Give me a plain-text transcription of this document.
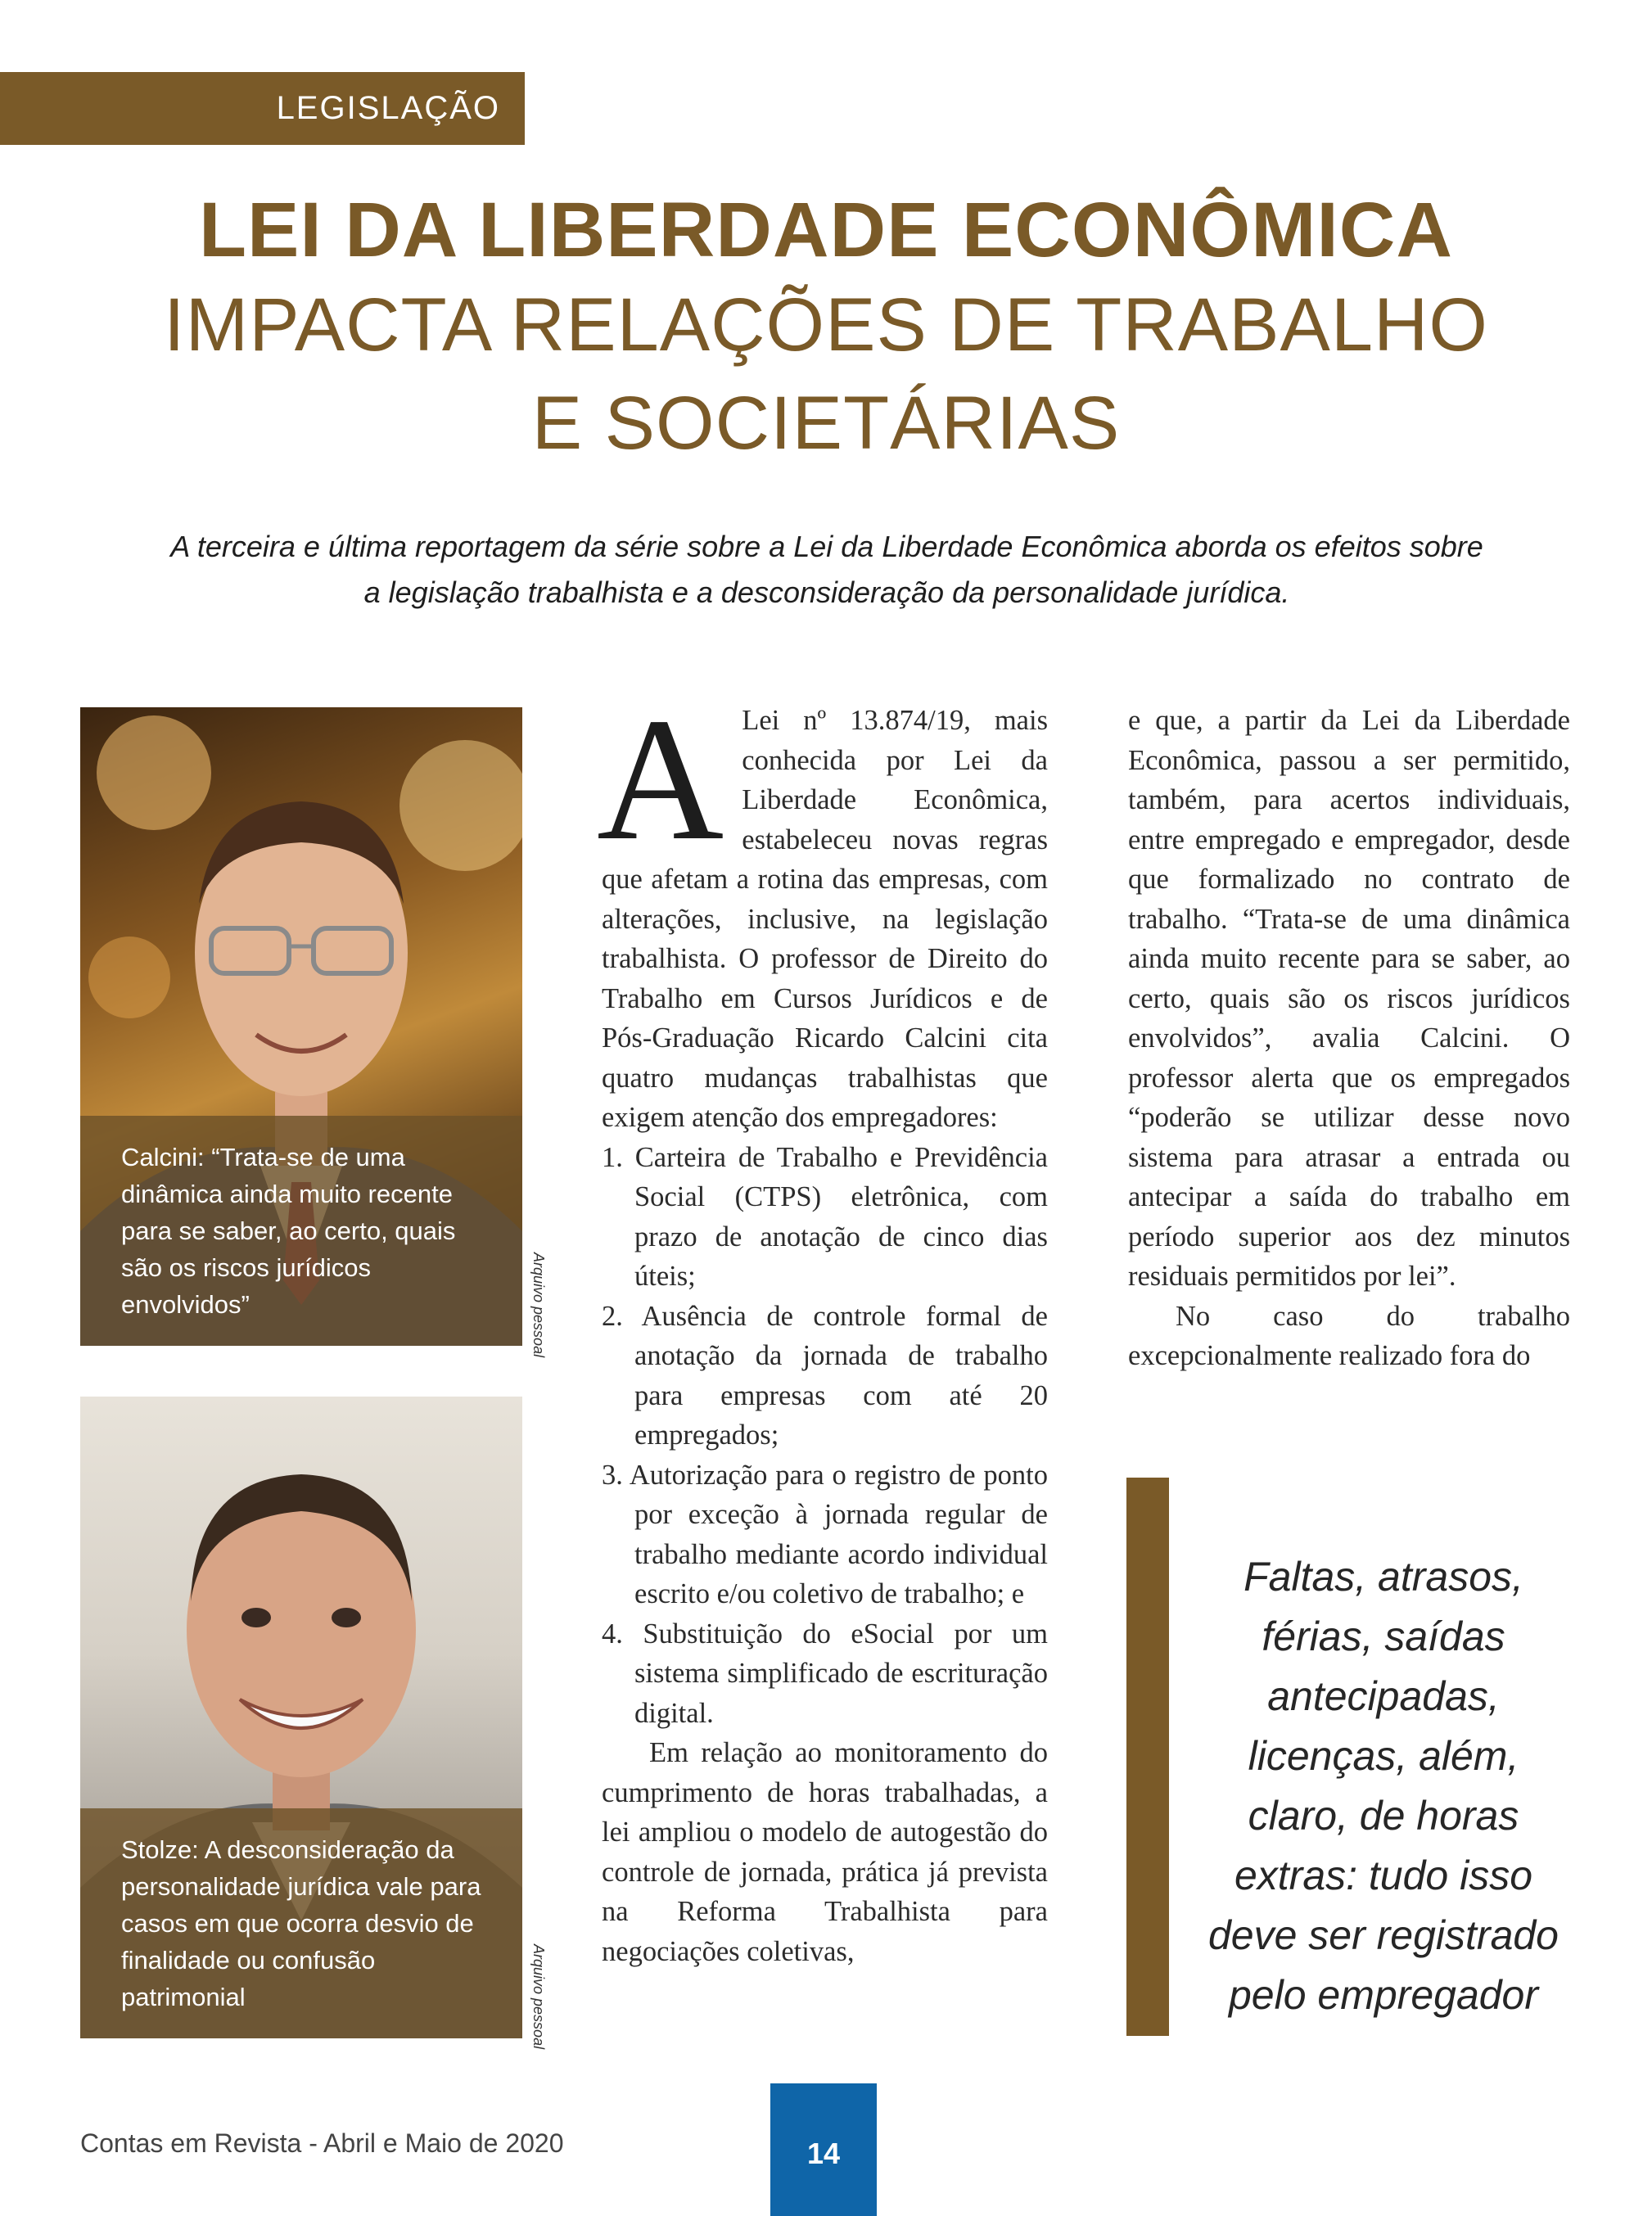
LEGISLAÇÃO
LEI DA LIBERDADE ECONÔMICA
IMPACTA RELAÇÕES DE TRABALHO
E SOCIETÁRIAS
A terceira e última reportagem da série sobre a Lei da Liberdade Econômica aborda os efeitos sobre
a legislação trabalhista e a desconsideração da personalidade jurídica.
Calcini: “Trata-se de uma dinâmica ainda muito recente para se saber, ao certo, quais são os riscos jurídicos envolvidos”	Arquivo pessoal
Stolze: A desconsideração da personalidade jurídica vale para casos em que ocorra desvio de finalidade ou confusão patrimonial	Arquivo pessoal
A Lei nº 13.874/19, mais conhecida por Lei da Liberdade Econômica, estabeleceu novas regras que afetam a rotina das empresas, com alterações, inclusive, na legislação trabalhista. O professor de Direito do Trabalho em Cursos Jurídicos e de Pós-Graduação Ricardo Calcini cita quatro mudanças trabalhistas que exigem atenção dos empregadores:

1. Carteira de Trabalho e Previdência Social (CTPS) eletrônica, com prazo de anotação de cinco dias úteis;
2. Ausência de controle formal de anotação da jornada de trabalho para empresas com até 20 empregados;
3. Autorização para o registro de ponto por exceção à jornada regular de trabalho mediante acordo individual escrito e/ou coletivo de trabalho; e
4. Substituição do eSocial por um sistema simplificado de escrituração digital.

Em relação ao monitoramento do cumprimento de horas trabalhadas, a lei ampliou o modelo de autogestão do controle de jornada, prática já prevista na Reforma Trabalhista para negociações coletivas,

e que, a partir da Lei da Liberdade Econômica, passou a ser permitido, também, para acertos individuais, entre empregado e empregador, desde que formalizado no contrato de trabalho. “Trata-se de uma dinâmica ainda muito recente para se saber, ao certo, quais são os riscos jurídicos envolvidos”, avalia Calcini. O professor alerta que os empregados “poderão se utilizar desse novo sistema para atrasar a entrada ou antecipar a saída do trabalho em período superior aos dez minutos residuais permitidos por lei”.

No caso do trabalho excepcionalmente realizado fora do

Faltas, atrasos, férias, saídas antecipadas, licenças, além, claro, de horas extras: tudo isso deve ser registrado pelo empregador
Contas em Revista - Abril e Maio de 2020	14
